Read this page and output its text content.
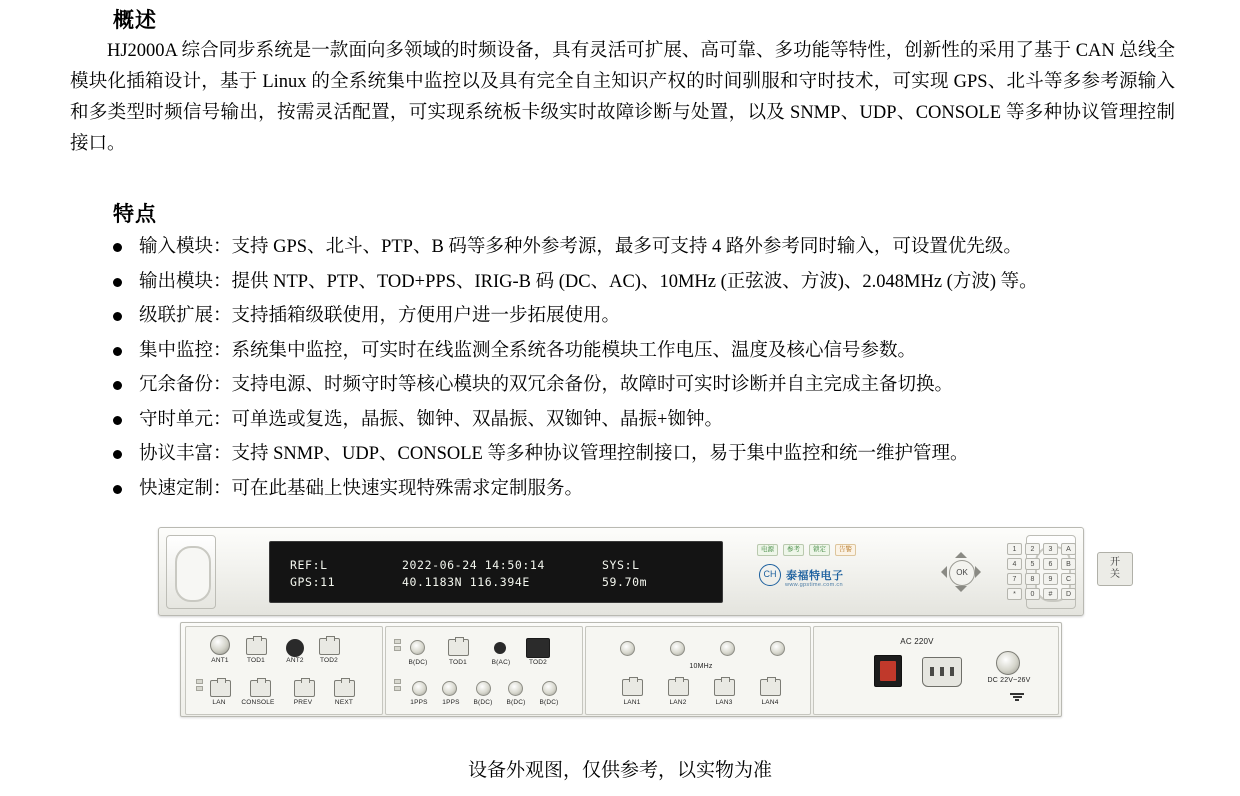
概述
HJ2000A 综合同步系统是一款面向多领域的时频设备，具有灵活可扩展、高可靠、多功能等特性，创新性的采用了基于 CAN 总线全模块化插箱设计，基于 Linux 的全系统集中监控以及具有完全自主知识产权的时间驯服和守时技术，可实现 GPS、北斗等多参考源输入和多类型时频信号输出，按需灵活配置，可实现系统板卡级实时故障诊断与处置，以及 SNMP、UDP、CONSOLE 等多种协议管理控制接口。
特点
输入模块：支持 GPS、北斗、PTP、B 码等多种外参考源，最多可支持 4 路外参考同时输入，可设置优先级。
输出模块：提供 NTP、PTP、TOD+PPS、IRIG-B 码 (DC、AC)、10MHz (正弦波、方波)、2.048MHz (方波) 等。
级联扩展：支持插箱级联使用，方便用户进一步拓展使用。
集中监控：系统集中监控，可实时在线监测全系统各功能模块工作电压、温度及核心信号参数。
冗余备份：支持电源、时频守时等核心模块的双冗余备份，故障时可实时诊断并自主完成主备切换。
守时单元：可单选或复选，晶振、铷钟、双晶振、双铷钟、晶振+铷钟。
协议丰富：支持 SNMP、UDP、CONSOLE 等多种协议管理控制接口，易于集中监控和统一维护管理。
快速定制：可在此基础上快速实现特殊需求定制服务。
REF:L	2022-06-24 14:50:14	SYS:L
GPS:11	40.1183N 116.394E	59.70m
电源	参考	锁定	告警
CH 泰福特电子
www.gpstime.com.cn
OK
1	2	3	A
4	5	6	B
7	8	9	C
*	0	#	D
开
关
ANT1	TOD1	ANT2	TOD2
LAN	CONSOLE	PREV	NEXT
B(DC)	TOD1	B(AC)	TOD2
1PPS	1PPS	B(DC)	B(DC)	B(DC)
10MHz
LAN1	LAN2	LAN3	LAN4
AC 220V
DC 22V~26V
设备外观图，仅供参考，以实物为准
